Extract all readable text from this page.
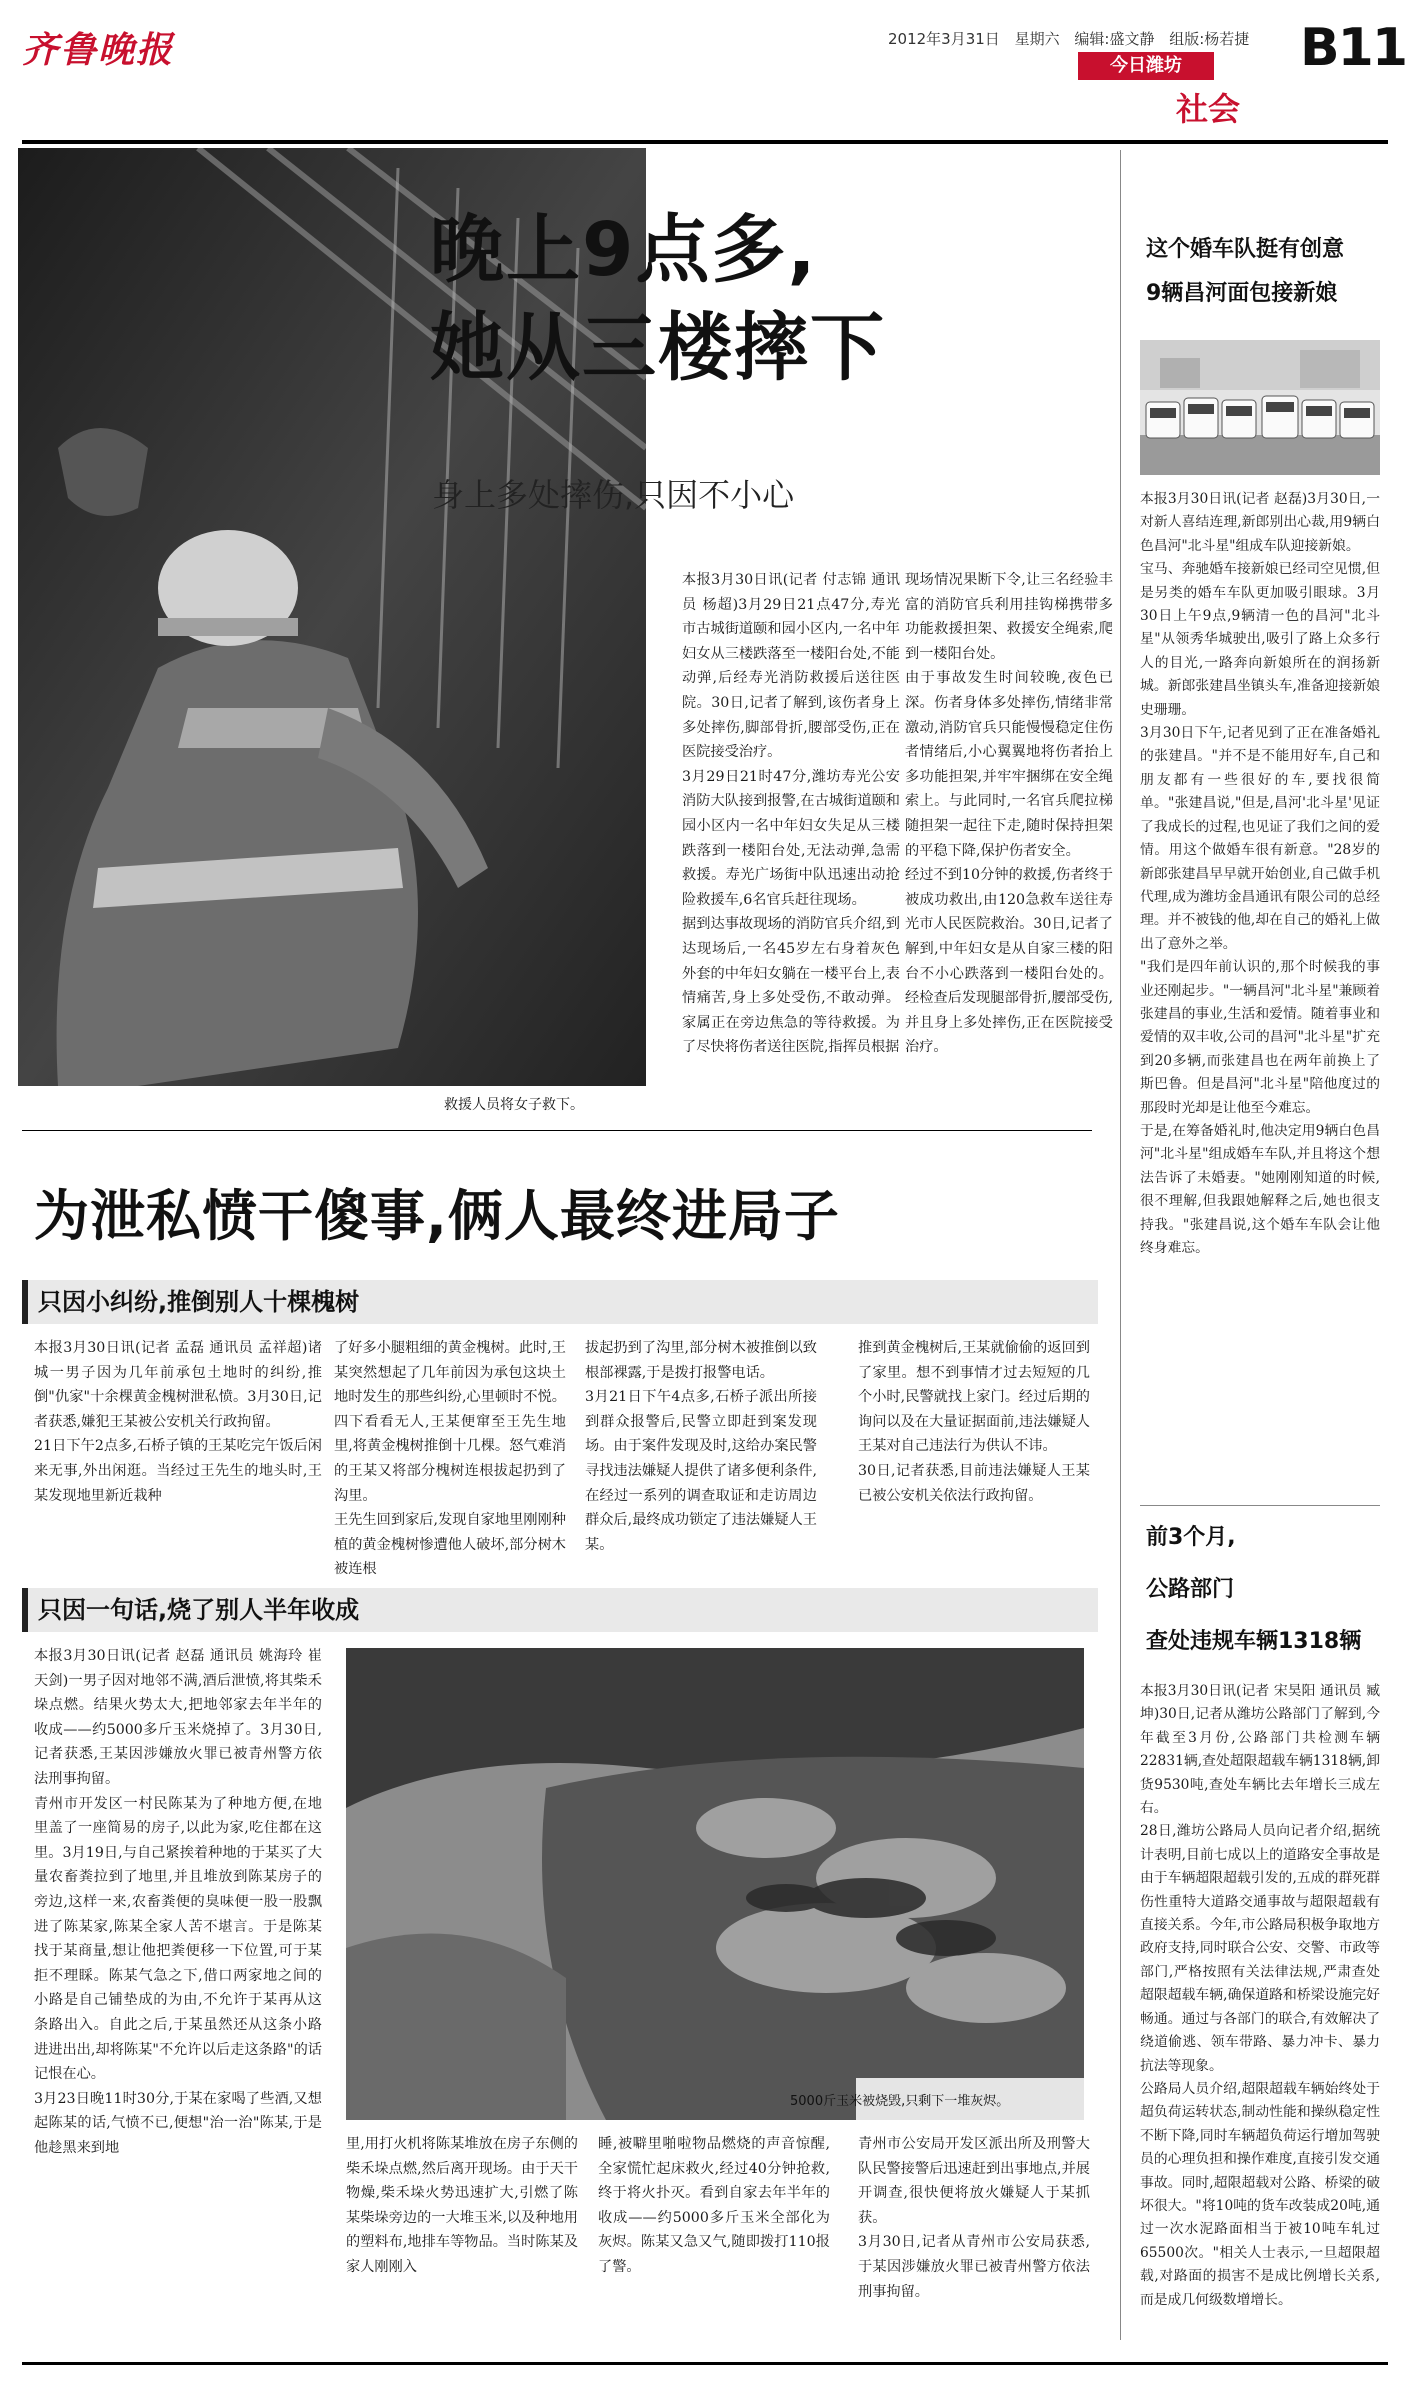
齐鲁晚报	2012年3月31日 星期六 编辑:盛文静 组版:杨若捷
今日潍坊
社会
B11
救援人员将女子救下。
晚上9点多,
她从三楼摔下
身上多处摔伤,只因不小心
本报3月30日讯(记者 付志锦 通讯员 杨超)3月29日21点47分,寿光市古城街道颐和园小区内,一名中年妇女从三楼跌落至一楼阳台处,不能动弹,后经寿光消防救援后送往医院。30日,记者了解到,该伤者身上多处摔伤,脚部骨折,腰部受伤,正在医院接受治疗。
3月29日21时47分,潍坊寿光公安消防大队接到报警,在古城街道颐和园小区内一名中年妇女失足从三楼跌落到一楼阳台处,无法动弹,急需救援。寿光广场街中队迅速出动抢险救援车,6名官兵赶往现场。
据到达事故现场的消防官兵介绍,到达现场后,一名45岁左右身着灰色外套的中年妇女躺在一楼平台上,表情痛苦,身上多处受伤,不敢动弹。家属正在旁边焦急的等待救援。为了尽快将伤者送往医院,指挥员根据
现场情况果断下令,让三名经验丰富的消防官兵利用挂钩梯携带多功能救援担架、救援安全绳索,爬到一楼阳台处。
由于事故发生时间较晚,夜色已深。伤者身体多处摔伤,情绪非常激动,消防官兵只能慢慢稳定住伤者情绪后,小心翼翼地将伤者抬上多功能担架,并牢牢捆绑在安全绳索上。与此同时,一名官兵爬拉梯随担架一起往下走,随时保持担架的平稳下降,保护伤者安全。
经过不到10分钟的救援,伤者终于被成功救出,由120急救车送往寿光市人民医院救治。30日,记者了解到,中年妇女是从自家三楼的阳台不小心跌落到一楼阳台处的。经检查后发现腿部骨折,腰部受伤,并且身上多处摔伤,正在医院接受治疗。
为泄私愤干傻事,俩人最终进局子
只因小纠纷,推倒别人十棵槐树
本报3月30日讯(记者 孟磊 通讯员 孟祥超)诸城一男子因为几年前承包土地时的纠纷,推倒"仇家"十余棵黄金槐树泄私愤。3月30日,记者获悉,嫌犯王某被公安机关行政拘留。
21日下午2点多,石桥子镇的王某吃完午饭后闲来无事,外出闲逛。当经过王先生的地头时,王某发现地里新近栽种
了好多小腿粗细的黄金槐树。此时,王某突然想起了几年前因为承包这块土地时发生的那些纠纷,心里顿时不悦。四下看看无人,王某便窜至王先生地里,将黄金槐树推倒十几棵。怒气难消的王某又将部分槐树连根拔起扔到了沟里。
王先生回到家后,发现自家地里刚刚种植的黄金槐树惨遭他人破坏,部分树木被连根
拔起扔到了沟里,部分树木被推倒以致根部裸露,于是拨打报警电话。
3月21日下午4点多,石桥子派出所接到群众报警后,民警立即赶到案发现场。由于案件发现及时,这给办案民警寻找违法嫌疑人提供了诸多便利条件,在经过一系列的调查取证和走访周边群众后,最终成功锁定了违法嫌疑人王某。
推到黄金槐树后,王某就偷偷的返回到了家里。想不到事情才过去短短的几个小时,民警就找上家门。经过后期的询问以及在大量证据面前,违法嫌疑人王某对自己违法行为供认不讳。
30日,记者获悉,目前违法嫌疑人王某已被公安机关依法行政拘留。
只因一句话,烧了别人半年收成
本报3月30日讯(记者 赵磊 通讯员 姚海玲 崔天剑)一男子因对地邻不满,酒后泄愤,将其柴禾垛点燃。结果火势太大,把地邻家去年半年的收成——约5000多斤玉米烧掉了。3月30日,记者获悉,王某因涉嫌放火罪已被青州警方依法刑事拘留。
青州市开发区一村民陈某为了种地方便,在地里盖了一座简易的房子,以此为家,吃住都在这里。3月19日,与自己紧挨着种地的于某买了大量农畜粪拉到了地里,并且堆放到陈某房子的旁边,这样一来,农畜粪便的臭味便一股一股飘进了陈某家,陈某全家人苦不堪言。于是陈某找于某商量,想让他把粪便移一下位置,可于某拒不理睬。陈某气急之下,借口两家地之间的小路是自己铺垫成的为由,不允许于某再从这条路出入。自此之后,于某虽然还从这条小路进进出出,却将陈某"不允许以后走这条路"的话记恨在心。
3月23日晚11时30分,于某在家喝了些酒,又想起陈某的话,气愤不已,便想"治一治"陈某,于是他趁黑来到地
5000斤玉米被烧毁,只剩下一堆灰烬。
里,用打火机将陈某堆放在房子东侧的柴禾垛点燃,然后离开现场。由于天干物燥,柴禾垛火势迅速扩大,引燃了陈某柴垛旁边的一大堆玉米,以及种地用的塑料布,地排车等物品。当时陈某及家人刚刚入
睡,被噼里啪啦物品燃烧的声音惊醒,全家慌忙起床救火,经过40分钟抢救,终于将火扑灭。看到自家去年半年的收成——约5000多斤玉米全部化为灰烬。陈某又急又气,随即拨打110报了警。
青州市公安局开发区派出所及刑警大队民警接警后迅速赶到出事地点,并展开调查,很快便将放火嫌疑人于某抓获。
3月30日,记者从青州市公安局获悉,于某因涉嫌放火罪已被青州警方依法刑事拘留。
这个婚车队挺有创意
9辆昌河面包接新娘
本报3月30日讯(记者 赵磊)3月30日,一对新人喜结连理,新郎别出心裁,用9辆白色昌河"北斗星"组成车队迎接新娘。
宝马、奔驰婚车接新娘已经司空见惯,但是另类的婚车车队更加吸引眼球。3月30日上午9点,9辆清一色的昌河"北斗星"从领秀华城驶出,吸引了路上众多行人的目光,一路奔向新娘所在的润扬新城。新郎张建昌坐镇头车,准备迎接新娘史珊珊。
3月30日下午,记者见到了正在准备婚礼的张建昌。"并不是不能用好车,自己和朋友都有一些很好的车,要找很简单。"张建昌说,"但是,昌河'北斗星'见证了我成长的过程,也见证了我们之间的爱情。用这个做婚车很有新意。"28岁的新郎张建昌早早就开始创业,自己做手机代理,成为潍坊金昌通讯有限公司的总经理。并不被钱的他,却在自己的婚礼上做出了意外之举。
"我们是四年前认识的,那个时候我的事业还刚起步。"一辆昌河"北斗星"兼顾着张建昌的事业,生活和爱情。随着事业和爱情的双丰收,公司的昌河"北斗星"扩充到20多辆,而张建昌也在两年前换上了斯巴鲁。但是昌河"北斗星"陪他度过的那段时光却是让他至今难忘。
于是,在筹备婚礼时,他决定用9辆白色昌河"北斗星"组成婚车车队,并且将这个想法告诉了未婚妻。"她刚刚知道的时候,很不理解,但我跟她解释之后,她也很支持我。"张建昌说,这个婚车车队会让他终身难忘。
前3个月,
公路部门
查处违规车辆1318辆
本报3月30日讯(记者 宋昊阳 通讯员 臧坤)30日,记者从潍坊公路部门了解到,今年截至3月份,公路部门共检测车辆22831辆,查处超限超载车辆1318辆,卸货9530吨,查处车辆比去年增长三成左右。
28日,潍坊公路局人员向记者介绍,据统计表明,目前七成以上的道路安全事故是由于车辆超限超载引发的,五成的群死群伤性重特大道路交通事故与超限超载有直接关系。今年,市公路局积极争取地方政府支持,同时联合公安、交警、市政等部门,严格按照有关法律法规,严肃查处超限超载车辆,确保道路和桥梁设施完好畅通。通过与各部门的联合,有效解决了绕道偷逃、领车带路、暴力冲卡、暴力抗法等现象。
公路局人员介绍,超限超载车辆始终处于超负荷运转状态,制动性能和操纵稳定性不断下降,同时车辆超负荷运行增加驾驶员的心理负担和操作难度,直接引发交通事故。同时,超限超载对公路、桥梁的破坏很大。"将10吨的货车改装成20吨,通过一次水泥路面相当于被10吨车轧过65500次。"相关人士表示,一旦超限超载,对路面的损害不是成比例增长关系,而是成几何级数增增长。
